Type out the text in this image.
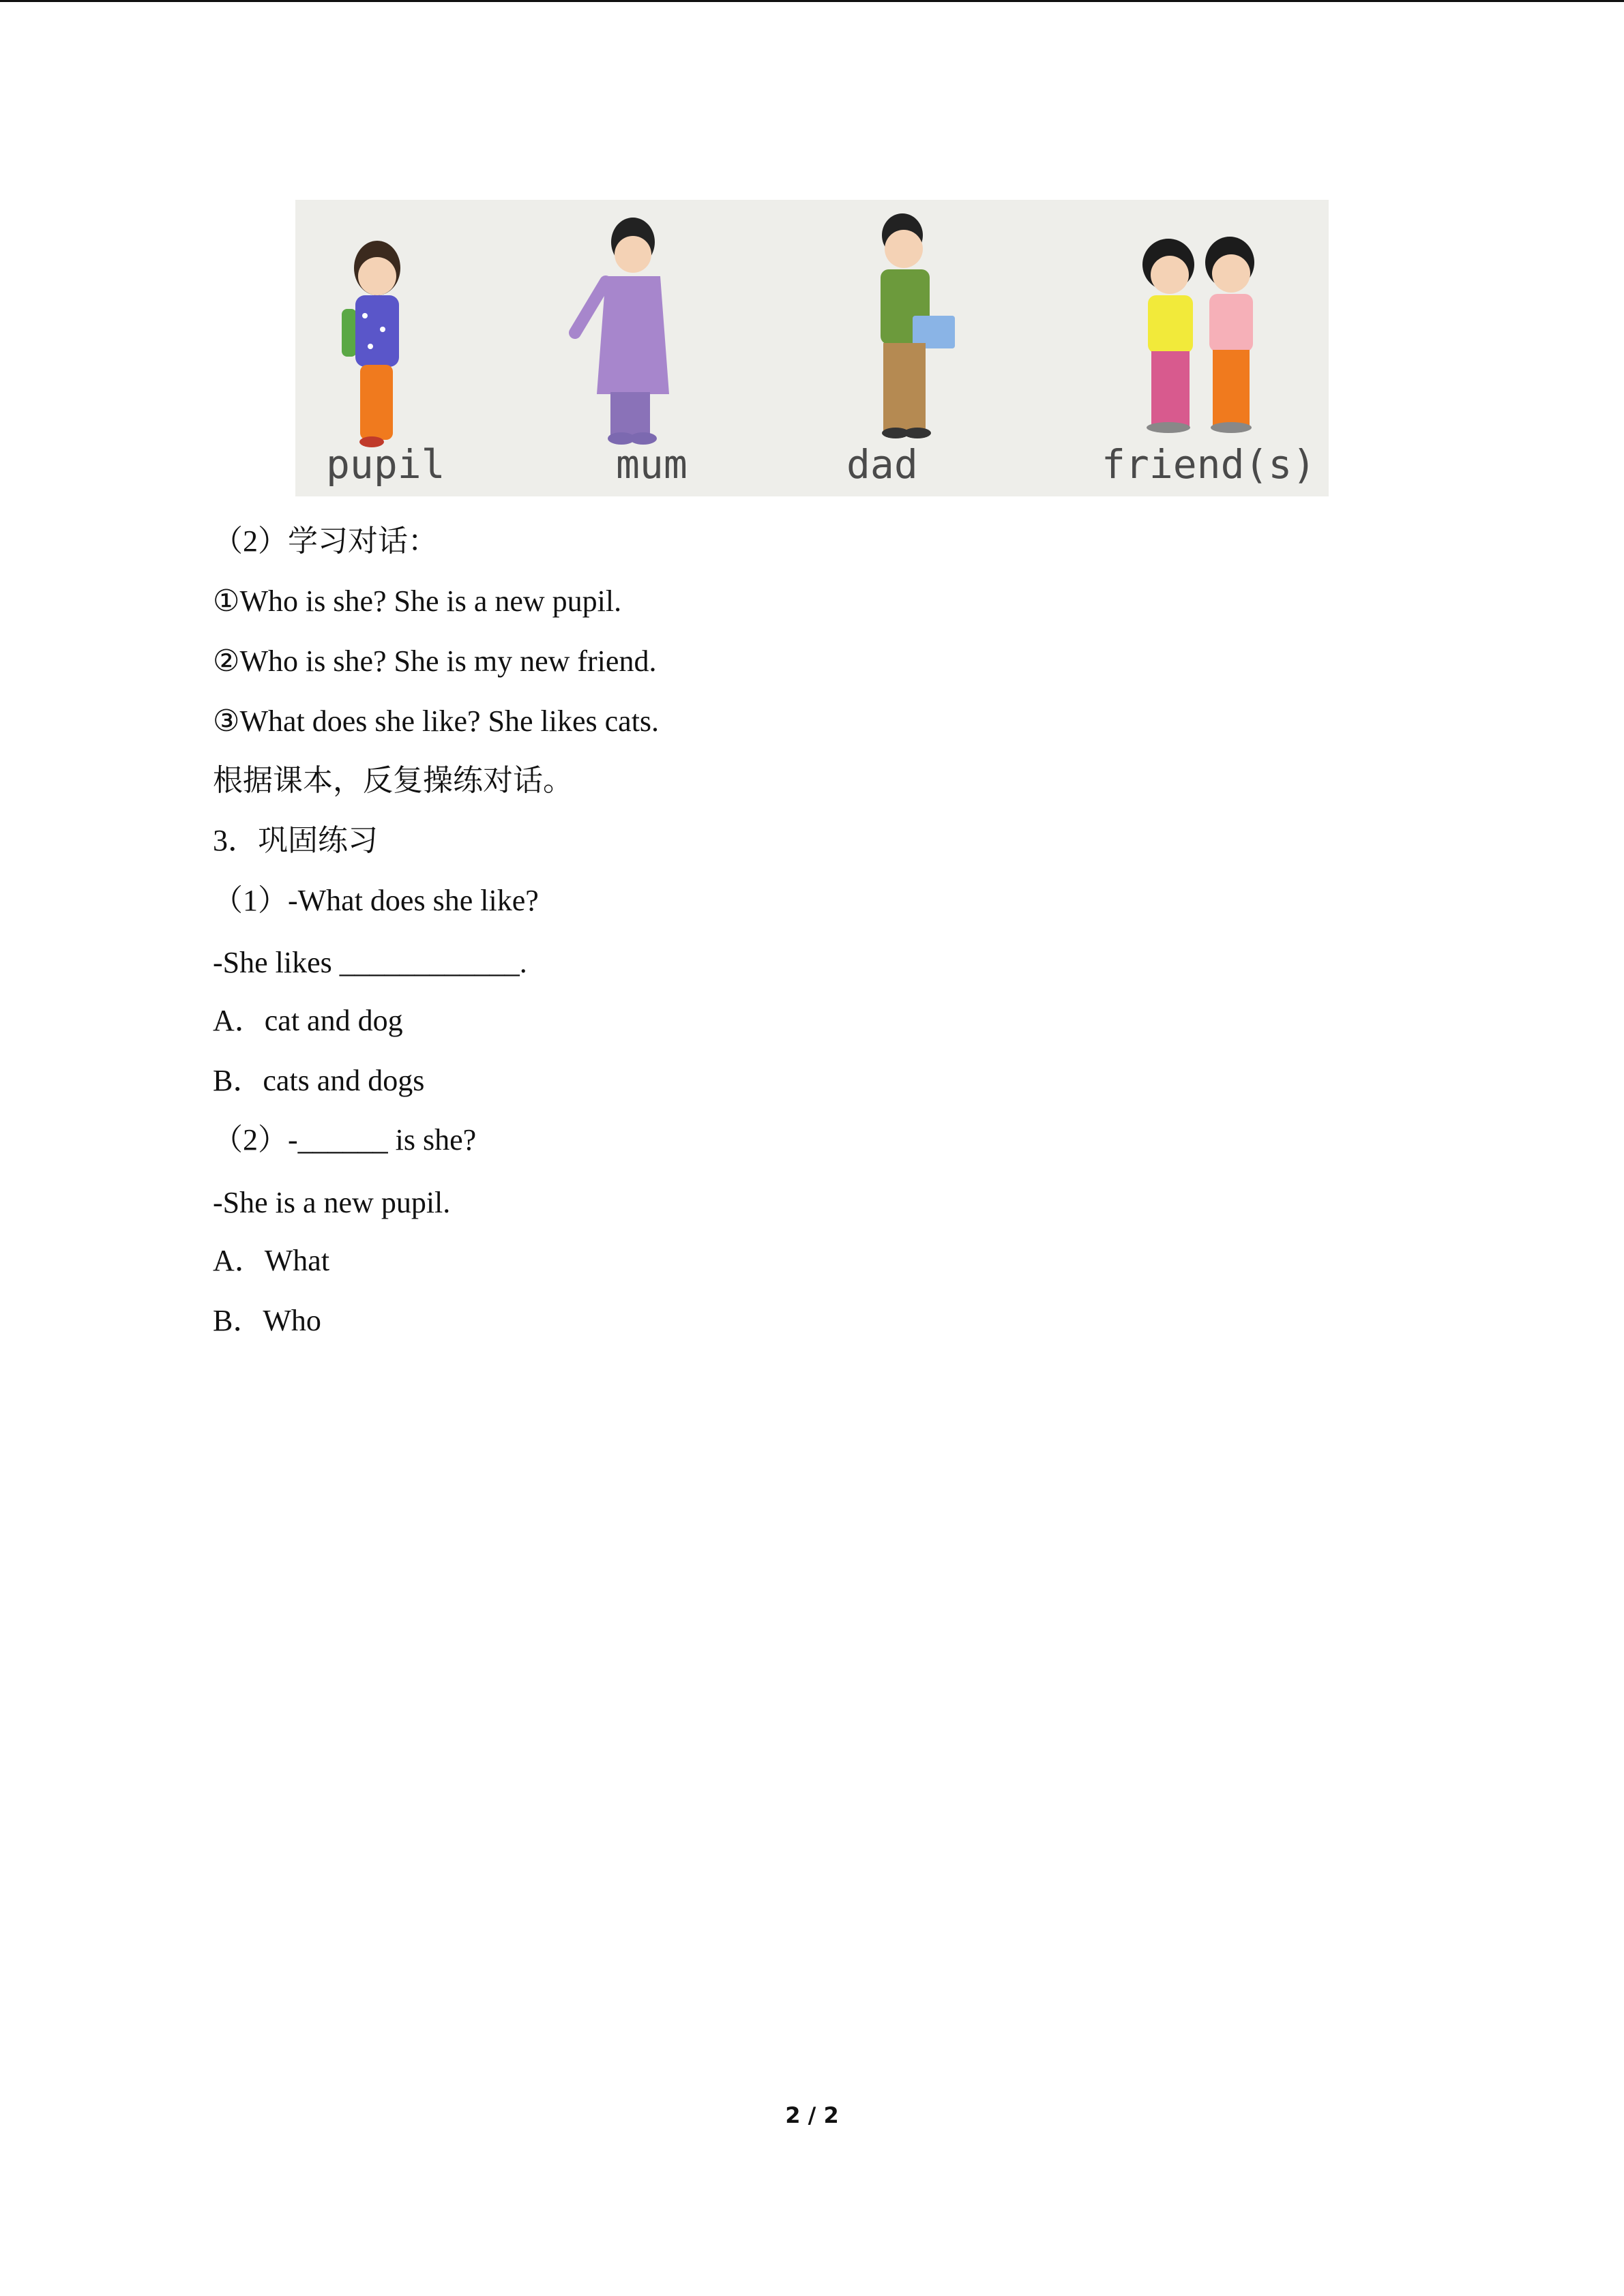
pupil	mum	dad	friend(s)
（2）学习对话：
①Who is she? She is a new pupil.
②Who is she? She is my new friend.
③What does she like? She likes cats.
根据课本，反复操练对话。
3．巩固练习
（1）-What does she like?
-She likes ____________.
A．cat and dog
B．cats and dogs
（2）-______ is she?
-She is a new pupil.
A．What
B．Who
2 / 2
